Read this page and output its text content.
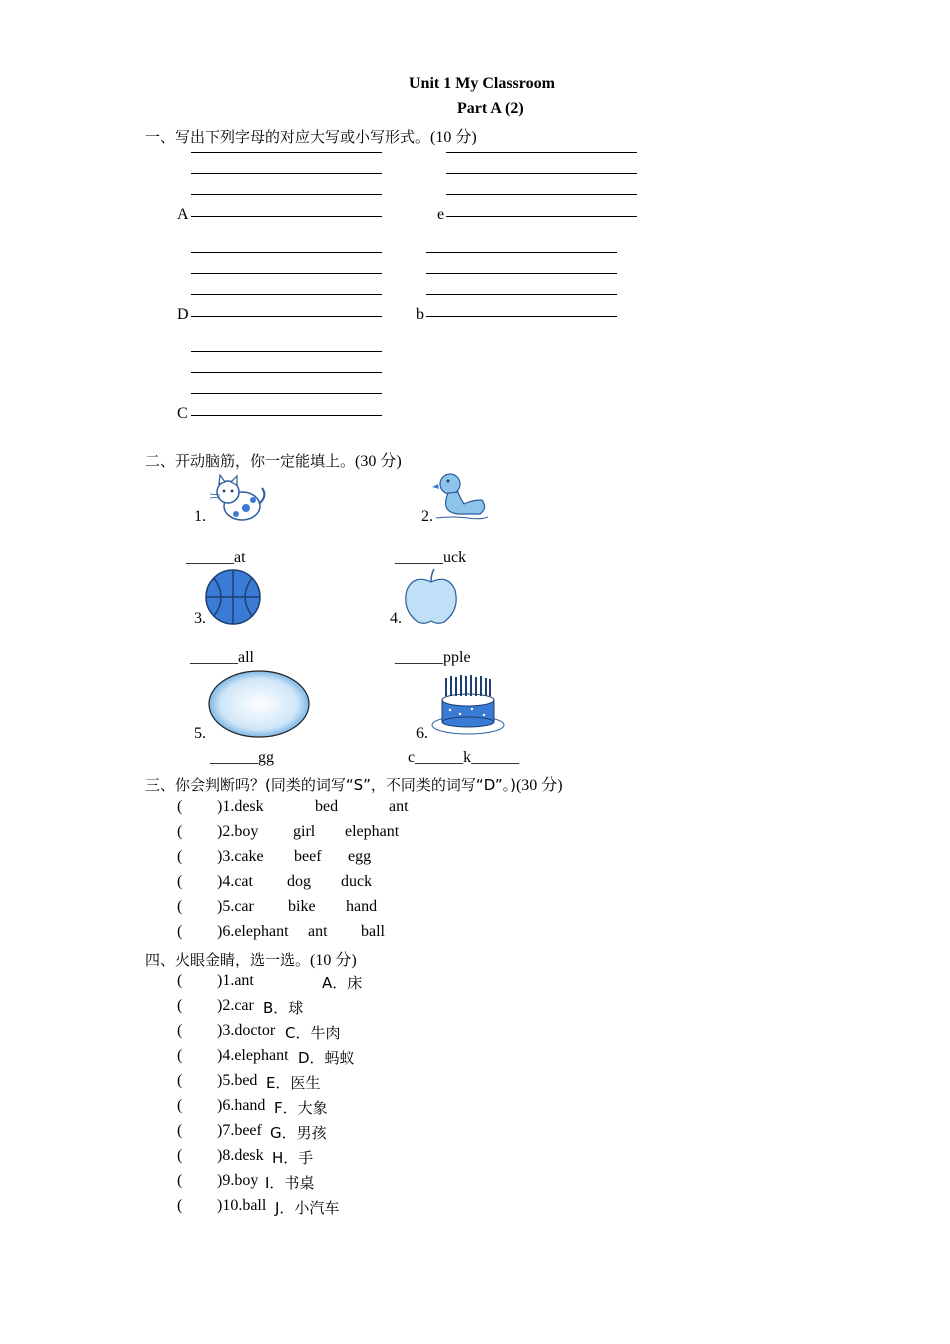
Unit 1 My Classroom
Part A (2)
一、写出下列字母的对应大写或小写形式。(10 分)
A	e
D	b
C
二、开动脑筋，你一定能填上。(30 分)
1.
______at
2.
______uck
3.
______all
4.
______pple
5.
______gg
6.
c______k______
三、你会判断吗？(同类的词写“S”，不同类的词写“D”。)(30 分)
( )1.desk	bed	ant
( )2.boy girl elephant
( )3.cake beef egg
( )4.cat dog duck
( )5.car bike hand
( )6.elephant ant ball
四、火眼金睛，选一选。(10 分)
( )1.ant	A．床
( )2.car B．球
( )3.doctor C．牛肉
( )4.elephant D．蚂蚁
( )5.bed E．医生
( )6.hand F．大象
( )7.beef G．男孩
( )8.desk H．手
( )9.boy I．书桌
( )10.ball J．小汽车
